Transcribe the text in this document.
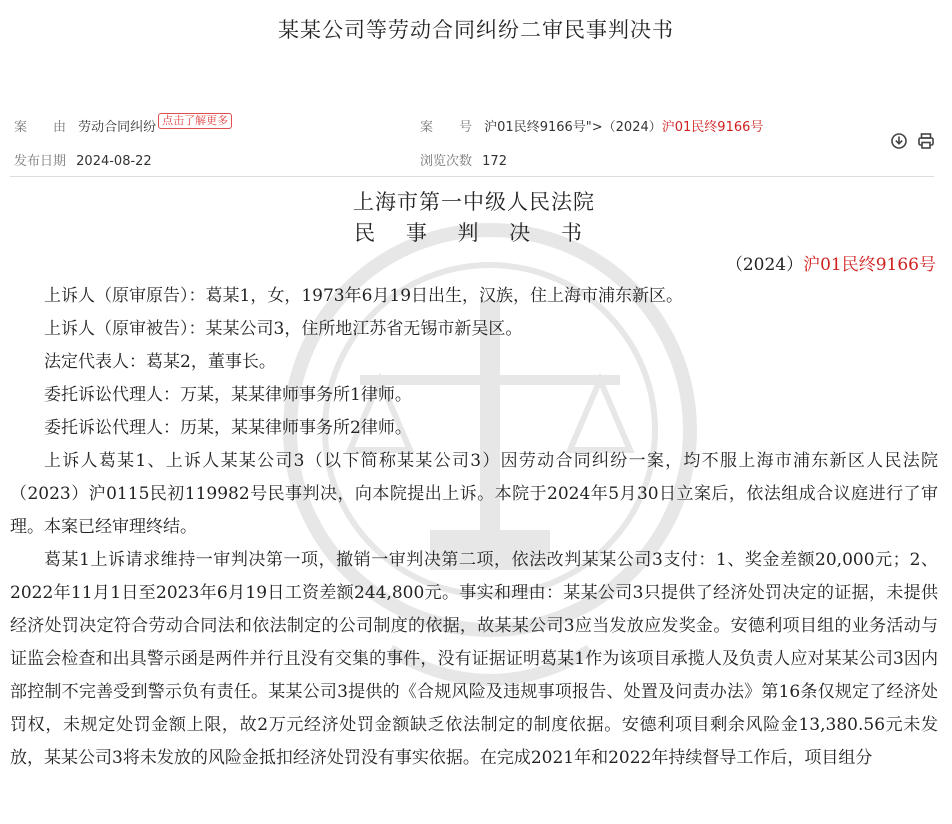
某某公司等劳动合同纠纷二审民事判决书
案　　由 劳动合同纠纷 点击了解更多	案　　号 沪01民终9166号">（2024）沪01民终9166号
发布日期 2024-08-22	浏览次数 172

上海市第一中级人民法院
民 事 判 决 书
（2024）沪01民终9166号

上诉人（原审原告）：葛某1，女，1973年6月19日出生，汉族，住上海市浦东新区。

上诉人（原审被告）：某某公司3，住所地江苏省无锡市新吴区。

法定代表人：葛某2，董事长。

委托诉讼代理人：万某，某某律师事务所1律师。

委托诉讼代理人：历某，某某律师事务所2律师。

上诉人葛某1、上诉人某某公司3（以下简称某某公司3）因劳动合同纠纷一案，均不服上海市浦东新区人民法院（2023）沪0115民初119982号民事判决，向本院提出上诉。本院于2024年5月30日立案后，依法组成合议庭进行了审理。本案已经审理终结。

葛某1上诉请求维持一审判决第一项，撤销一审判决第二项，依法改判某某公司3支付：1、奖金差额20,000元；2、2022年11月1日至2023年6月19日工资差额244,800元。事实和理由：某某公司3只提供了经济处罚决定的证据，未提供经济处罚决定符合劳动合同法和依法制定的公司制度的依据，故某某公司3应当发放应发奖金。安德利项目组的业务活动与证监会检查和出具警示函是两件并行且没有交集的事件，没有证据证明葛某1作为该项目承揽人及负责人应对某某公司3因内部控制不完善受到警示负有责任。某某公司3提供的《合规风险及违规事项报告、处置及问责办法》第16条仅规定了经济处罚权，未规定处罚金额上限，故2万元经济处罚金额缺乏依法制定的制度依据。安德利项目剩余风险金13,380.56元未发放，某某公司3将未发放的风险金抵扣经济处罚没有事实依据。在完成2021年和2022年持续督导工作后，项目组分
